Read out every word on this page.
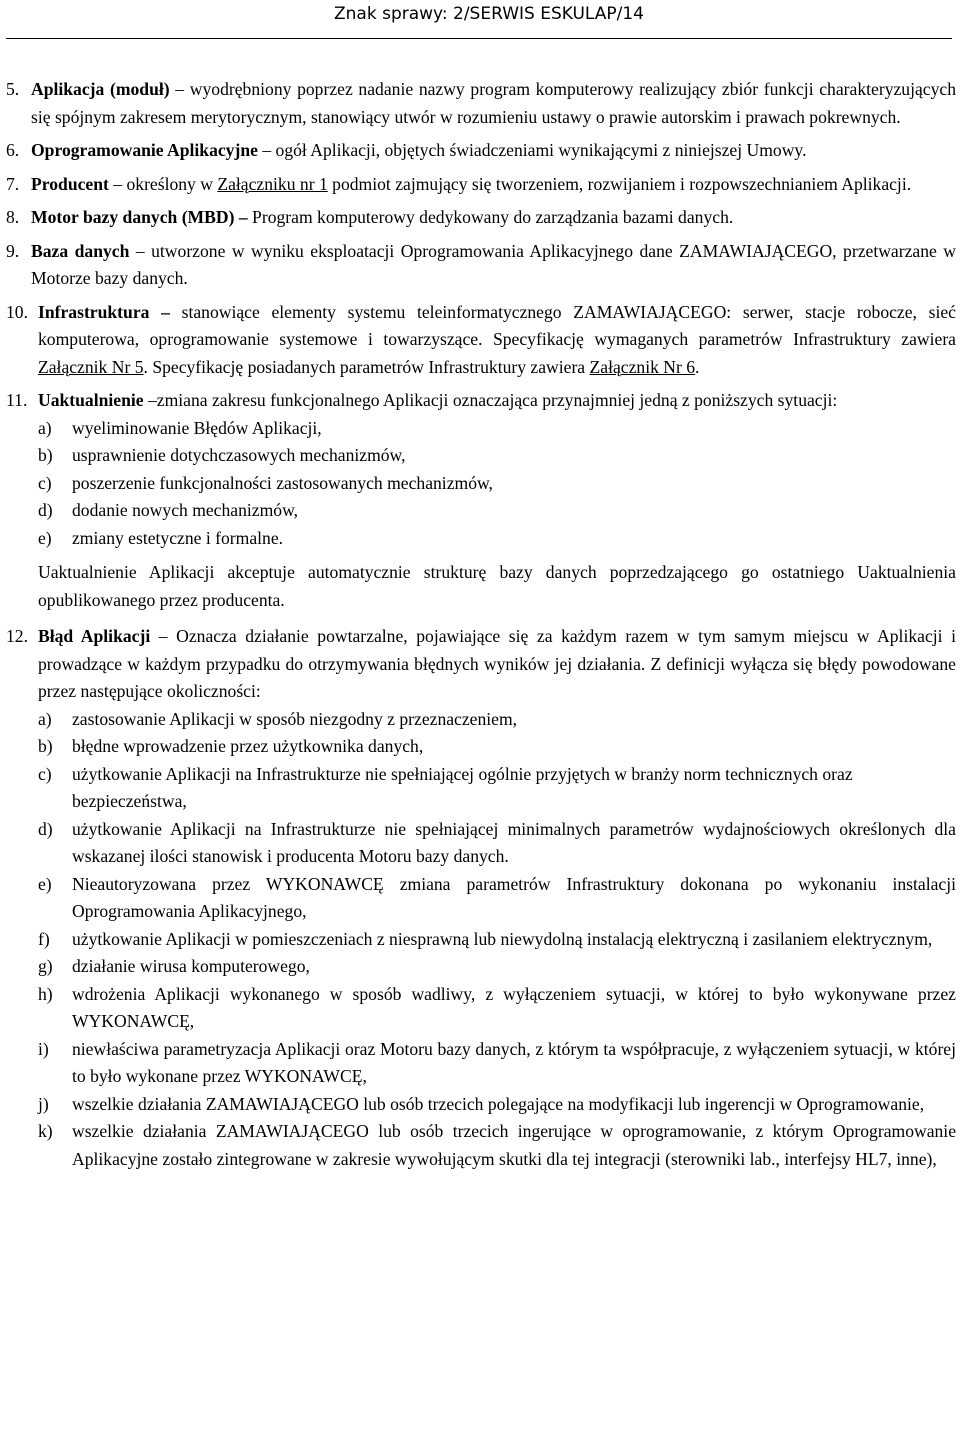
Znak sprawy: 2/SERWIS ESKULAP/14
5. Aplikacja (moduł) – wyodrębniony poprzez nadanie nazwy program komputerowy realizujący zbiór funkcji charakteryzujących się spójnym zakresem merytorycznym, stanowiący utwór w rozumieniu ustawy o prawie autorskim i prawach pokrewnych.
6. Oprogramowanie Aplikacyjne – ogół Aplikacji, objętych świadczeniami wynikającymi z niniejszej Umowy.
7. Producent – określony w Załączniku nr 1 podmiot zajmujący się tworzeniem, rozwijaniem i rozpowszechnianiem Aplikacji.
8. Motor bazy danych (MBD) – Program komputerowy dedykowany do zarządzania bazami danych.
9. Baza danych – utworzone w wyniku eksploatacji Oprogramowania Aplikacyjnego dane ZAMAWIAJĄCEGO, przetwarzane w Motorze bazy danych.
10. Infrastruktura – stanowiące elementy systemu teleinformatycznego ZAMAWIAJĄCEGO: serwer, stacje robocze, sieć komputerowa, oprogramowanie systemowe i towarzyszące. Specyfikację wymaganych parametrów Infrastruktury zawiera Załącznik Nr 5. Specyfikację posiadanych parametrów Infrastruktury zawiera Załącznik Nr 6.
11. Uaktualnienie –zmiana zakresu funkcjonalnego Aplikacji oznaczająca przynajmniej jedną z poniższych sytuacji:
a) wyeliminowanie Błędów Aplikacji,
b) usprawnienie dotychczasowych mechanizmów,
c) poszerzenie funkcjonalności zastosowanych mechanizmów,
d) dodanie nowych mechanizmów,
e) zmiany estetyczne i formalne.
Uaktualnienie Aplikacji akceptuje automatycznie strukturę bazy danych poprzedzającego go ostatniego Uaktualnienia opublikowanego przez producenta.
12. Błąd Aplikacji – Oznacza działanie powtarzalne, pojawiające się za każdym razem w tym samym miejscu w Aplikacji i prowadzące w każdym przypadku do otrzymywania błędnych wyników jej działania. Z definicji wyłącza się błędy powodowane przez następujące okoliczności:
a) zastosowanie Aplikacji w sposób niezgodny z przeznaczeniem,
b) błędne wprowadzenie przez użytkownika danych,
c) użytkowanie Aplikacji na Infrastrukturze nie spełniającej ogólnie przyjętych w branży norm technicznych oraz bezpieczeństwa,
d) użytkowanie Aplikacji na Infrastrukturze nie spełniającej minimalnych parametrów wydajnościowych określonych dla wskazanej ilości stanowisk i producenta Motoru bazy danych.
e) Nieautoryzowana przez WYKONAWCĘ zmiana parametrów Infrastruktury dokonana po wykonaniu instalacji Oprogramowania Aplikacyjnego,
f) użytkowanie Aplikacji w pomieszczeniach z niesprawną lub niewydolną instalacją elektryczną i zasilaniem elektrycznym,
g) działanie wirusa komputerowego,
h) wdrożenia Aplikacji wykonanego w sposób wadliwy, z wyłączeniem sytuacji, w której to było wykonywane przez WYKONAWCĘ,
i) niewłaściwa parametryzacja Aplikacji oraz Motoru bazy danych, z którym ta współpracuje, z wyłączeniem sytuacji, w której to było wykonane przez WYKONAWCĘ,
j) wszelkie działania ZAMAWIAJĄCEGO lub osób trzecich polegające na modyfikacji lub ingerencji w Oprogramowanie,
k) wszelkie działania ZAMAWIAJĄCEGO lub osób trzecich ingerujące w oprogramowanie, z którym Oprogramowanie Aplikacyjne zostało zintegrowane w zakresie wywołującym skutki dla tej integracji (sterowniki lab., interfejsy HL7, inne),
